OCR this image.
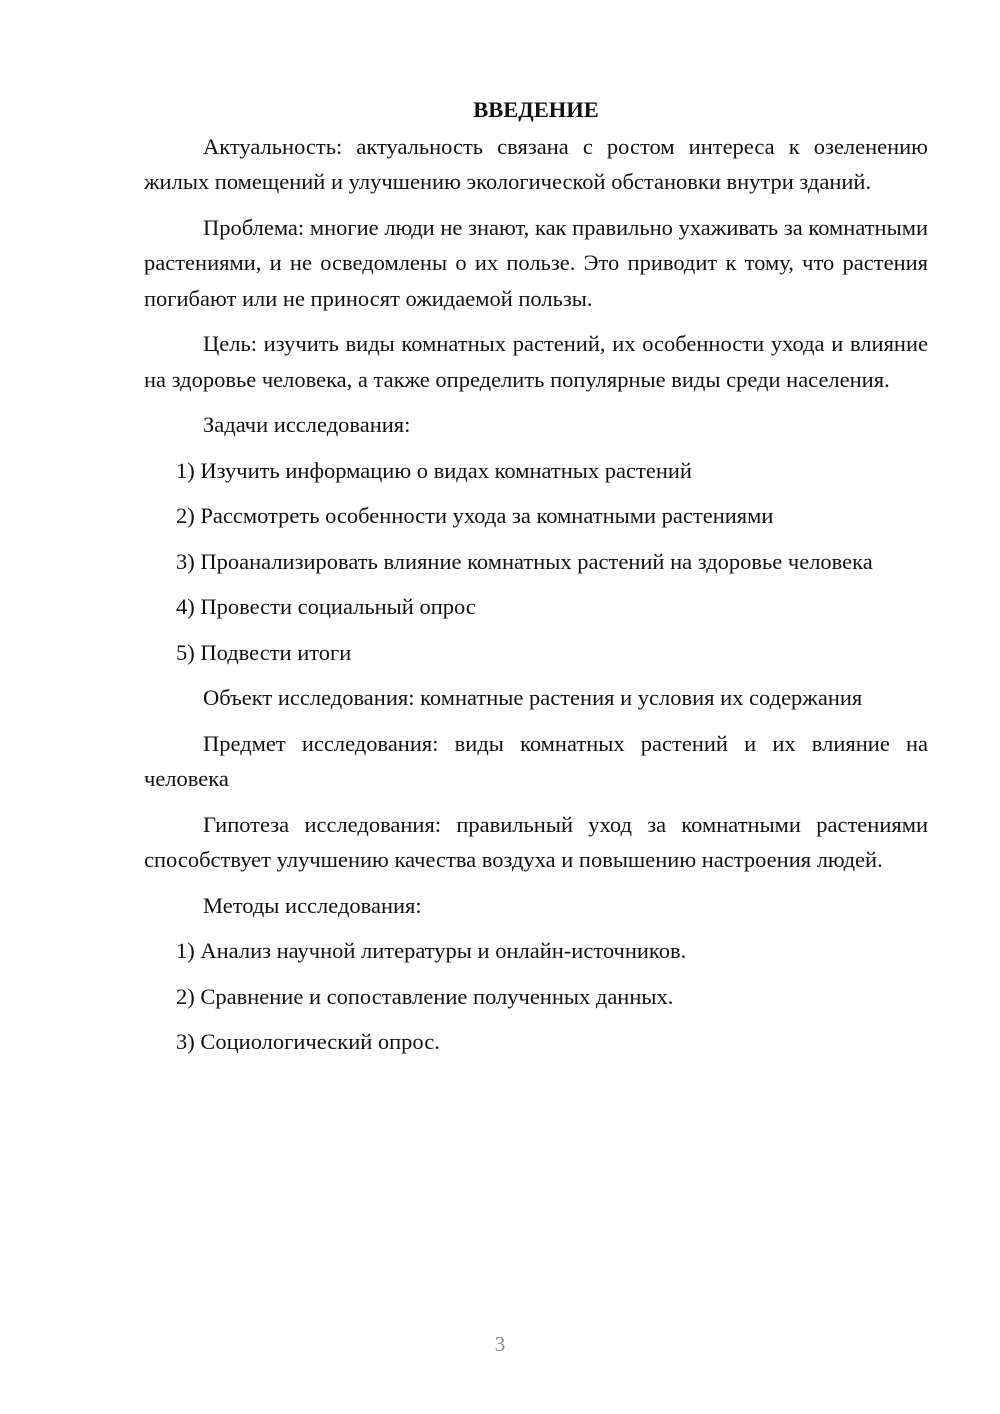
ВВЕДЕНИЕ

Актуальность: актуальность связана с ростом интереса к озеленению жилых помещений и улучшению экологической обстановки внутри зданий.

Проблема: многие люди не знают, как правильно ухаживать за комнатными растениями, и не осведомлены о их пользе. Это приводит к тому, что растения погибают или не приносят ожидаемой пользы.

Цель: изучить виды комнатных растений, их особенности ухода и влияние на здоровье человека, а также определить популярные виды среди населения.

Задачи исследования:

1) Изучить информацию о видах комнатных растений

2) Рассмотреть особенности ухода за комнатными растениями

3) Проанализировать влияние комнатных растений на здоровье человека

4) Провести социальный опрос

5) Подвести итоги

Объект исследования: комнатные растения и условия их содержания

Предмет исследования: виды комнатных растений и их влияние на человека

Гипотеза исследования: правильный уход за комнатными растениями способствует улучшению качества воздуха и повышению настроения людей.

Методы исследования:

1) Анализ научной литературы и онлайн-источников.

2) Сравнение и сопоставление полученных данных.

3) Социологический опрос.

3
